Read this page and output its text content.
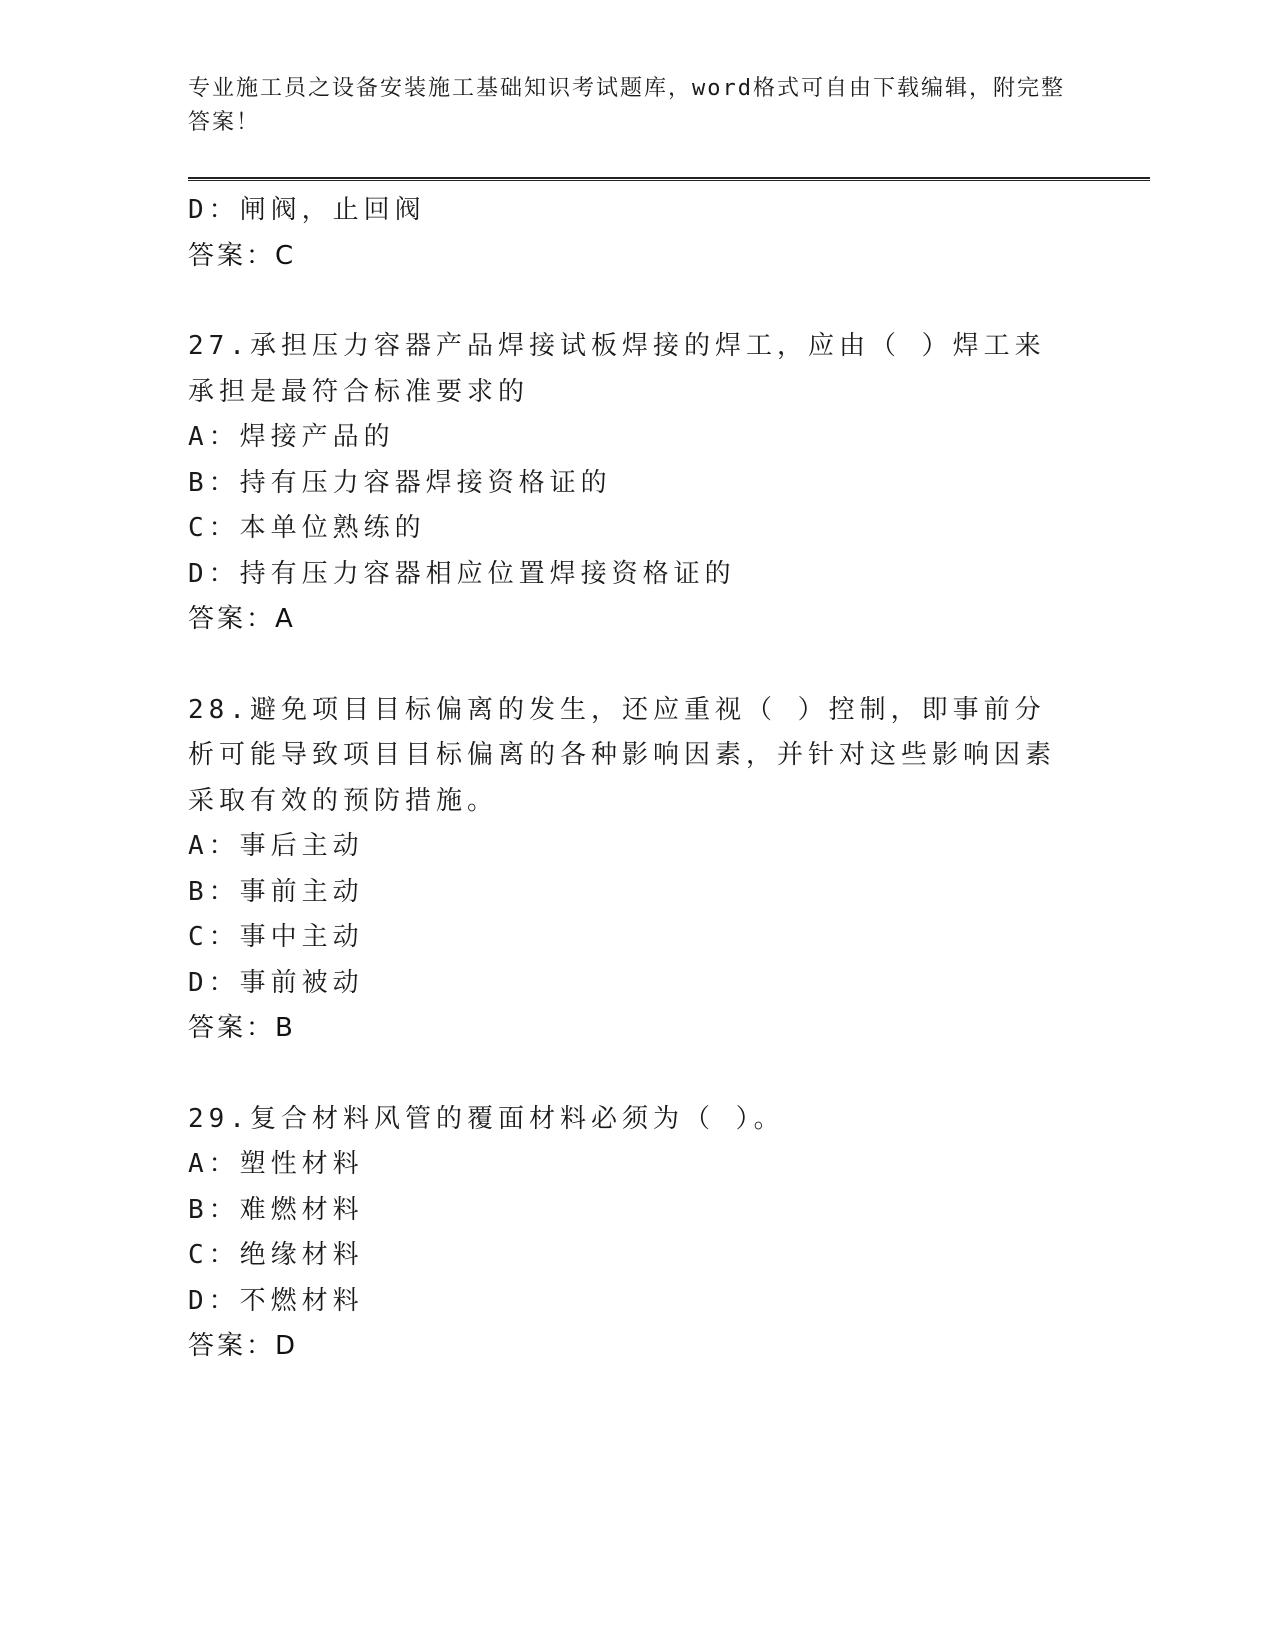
专业施工员之设备安装施工基础知识考试题库，word格式可自由下载编辑，附完整答案！
D：闸阀，止回阀
答案：C
27.承担压力容器产品焊接试板焊接的焊工，应由（ ）焊工来承担是最符合标准要求的
A：焊接产品的
B：持有压力容器焊接资格证的
C：本单位熟练的
D：持有压力容器相应位置焊接资格证的
答案：A
28.避免项目目标偏离的发生，还应重视（ ）控制，即事前分析可能导致项目目标偏离的各种影响因素，并针对这些影响因素采取有效的预防措施。
A：事后主动
B：事前主动
C：事中主动
D：事前被动
答案：B
29.复合材料风管的覆面材料必须为（ ）。
A：塑性材料
B：难燃材料
C：绝缘材料
D：不燃材料
答案：D
